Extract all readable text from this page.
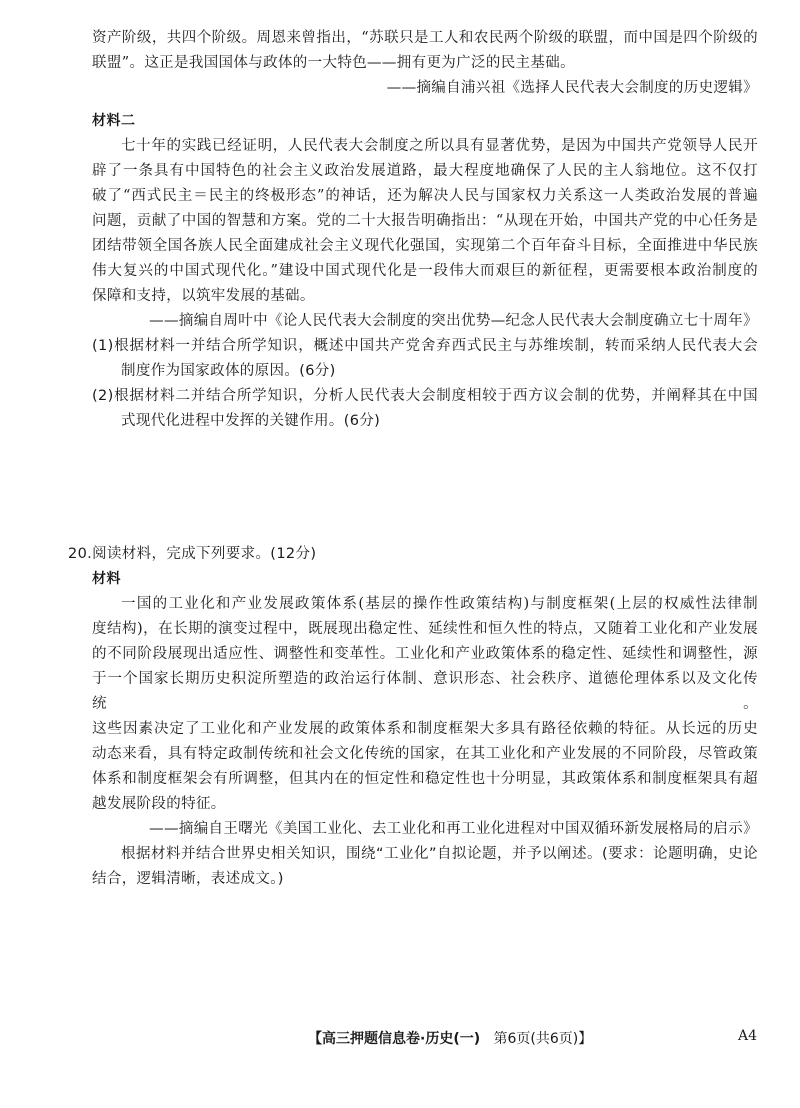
资产阶级，共四个阶级。周恩来曾指出，“苏联只是工人和农民两个阶级的联盟，而中国是四个阶级的
联盟”。这正是我国国体与政体的一大特色——拥有更为广泛的民主基础。
——摘编自浦兴祖《选择人民代表大会制度的历史逻辑》
材料二
七十年的实践已经证明，人民代表大会制度之所以具有显著优势，是因为中国共产党领导人民开
辟了一条具有中国特色的社会主义政治发展道路，最大程度地确保了人民的主人翁地位。这不仅打
破了“西式民主＝民主的终极形态”的神话，还为解决人民与国家权力关系这一人类政治发展的普遍
问题，贡献了中国的智慧和方案。党的二十大报告明确指出：“从现在开始，中国共产党的中心任务是
团结带领全国各族人民全面建成社会主义现代化强国，实现第二个百年奋斗目标，全面推进中华民族
伟大复兴的中国式现代化。”建设中国式现代化是一段伟大而艰巨的新征程，更需要根本政治制度的
保障和支持，以筑牢发展的基础。
——摘编自周叶中《论人民代表大会制度的突出优势—纪念人民代表大会制度确立七十周年》
(1)根据材料一并结合所学知识，概述中国共产党舍弃西式民主与苏维埃制，转而采纳人民代表大会
制度作为国家政体的原因。(6分)
(2)根据材料二并结合所学知识，分析人民代表大会制度相较于西方议会制的优势，并阐释其在中国
式现代化进程中发挥的关键作用。(6分)
20.阅读材料，完成下列要求。(12分)
材料
一国的工业化和产业发展政策体系(基层的操作性政策结构)与制度框架(上层的权威性法律制
度结构)，在长期的演变过程中，既展现出稳定性、延续性和恒久性的特点，又随着工业化和产业发展
的不同阶段展现出适应性、调整性和变革性。工业化和产业政策体系的稳定性、延续性和调整性，源
于一个国家长期历史积淀所塑造的政治运行体制、意识形态、社会秩序、道德伦理体系以及文化传统。
这些因素决定了工业化和产业发展的政策体系和制度框架大多具有路径依赖的特征。从长远的历史
动态来看，具有特定政制传统和社会文化传统的国家，在其工业化和产业发展的不同阶段，尽管政策
体系和制度框架会有所调整，但其内在的恒定性和稳定性也十分明显，其政策体系和制度框架具有超
越发展阶段的特征。
——摘编自王曙光《美国工业化、去工业化和再工业化进程对中国双循环新发展格局的启示》
根据材料并结合世界史相关知识，围绕“工业化”自拟论题，并予以阐述。(要求：论题明确，史论
结合，逻辑清晰，表述成文。)
【高三押题信息卷·历史(一) 第6页(共6页)】	A4
